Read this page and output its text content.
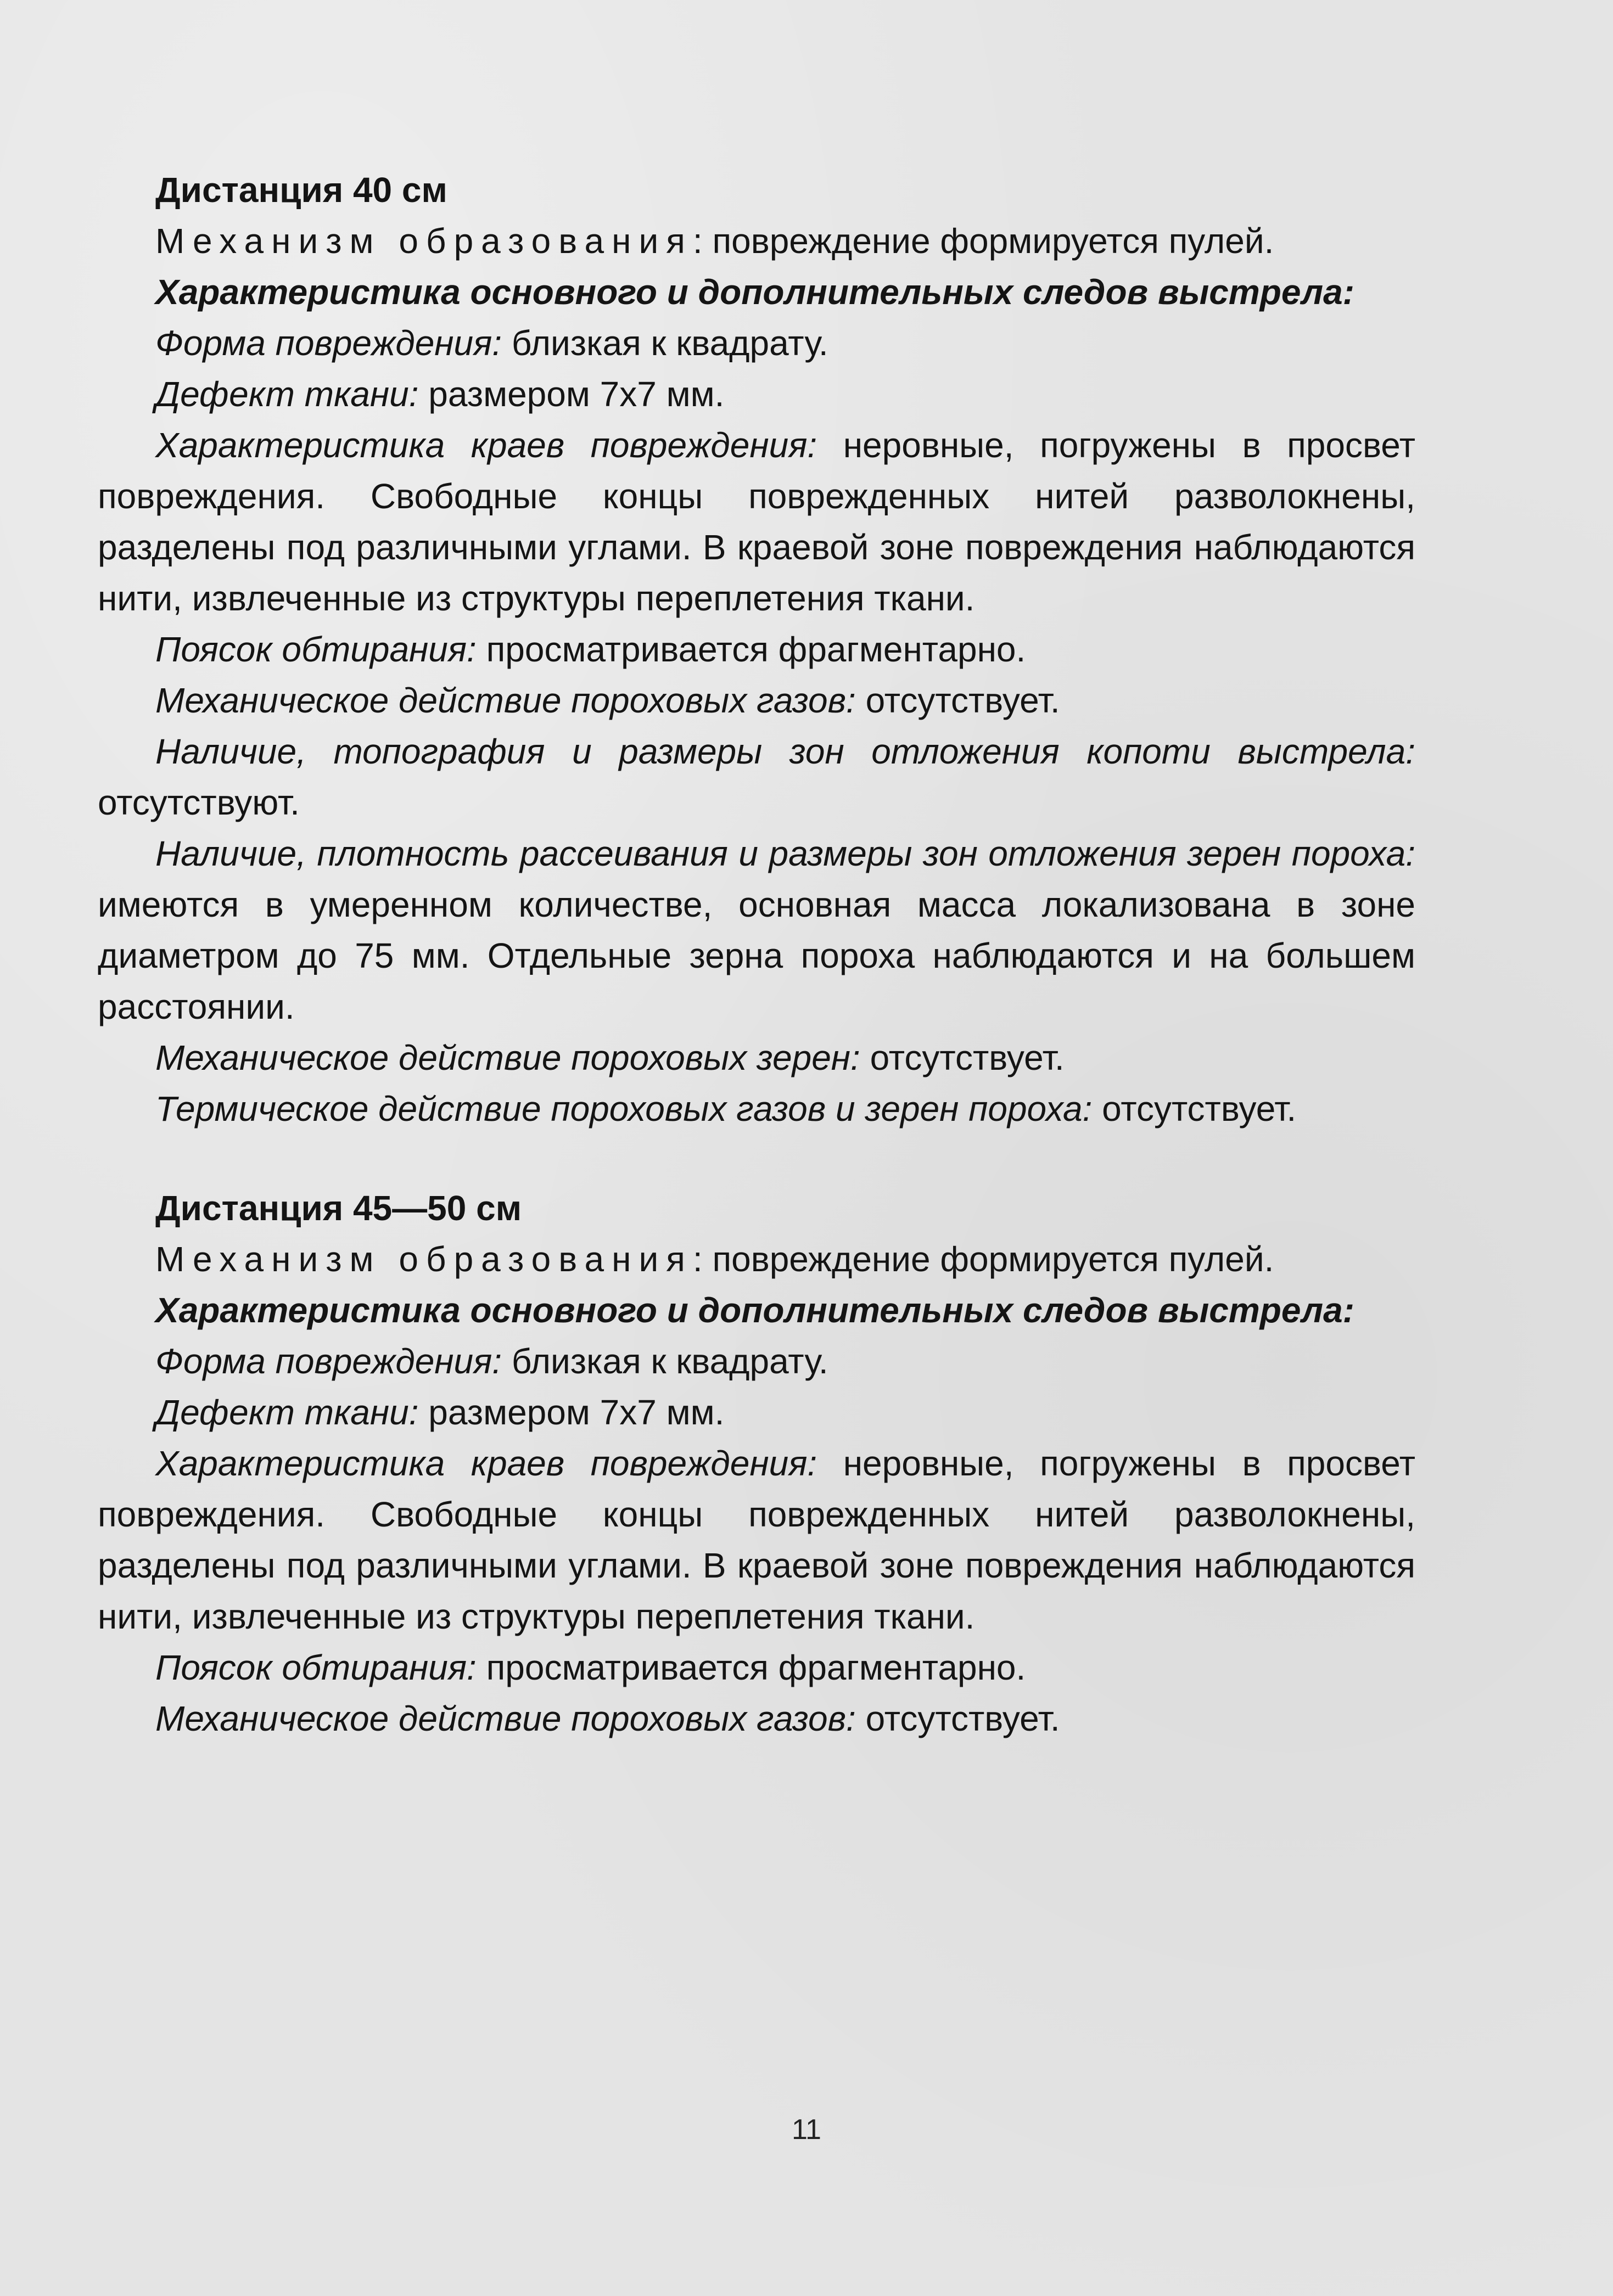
Дистанция 40 см

Механизм образования: повреждение формируется пулей.

Характеристика основного и дополнительных следов выстрела:

Форма повреждения: близкая к квадрату.

Дефект ткани: размером 7x7 мм.

Характеристика краев повреждения: неровные, погружены в просвет повреждения. Свободные концы поврежденных нитей разволокнены, разделены под различными углами. В краевой зоне повреждения наблюдаются нити, извлеченные из структуры переплетения ткани.

Поясок обтирания: просматривается фрагментарно.

Механическое действие пороховых газов: отсутствует.

Наличие, топография и размеры зон отложения копоти выстрела: отсутствуют.

Наличие, плотность рассеивания и размеры зон отложения зерен пороха: имеются в умеренном количестве, основная масса локализована в зоне диаметром до 75 мм. Отдельные зерна пороха наблюдаются и на большем расстоянии.

Механическое действие пороховых зерен: отсутствует.

Термическое действие пороховых газов и зерен пороха: отсутствует.

Дистанция 45—50 см

Механизм образования: повреждение формируется пулей.

Характеристика основного и дополнительных следов выстрела:

Форма повреждения: близкая к квадрату.

Дефект ткани: размером 7x7 мм.

Характеристика краев повреждения: неровные, погружены в просвет повреждения. Свободные концы поврежденных нитей разволокнены, разделены под различными углами. В краевой зоне повреждения наблюдаются нити, извлеченные из структуры переплетения ткани.

Поясок обтирания: просматривается фрагментарно.

Механическое действие пороховых газов: отсутствует.

11
